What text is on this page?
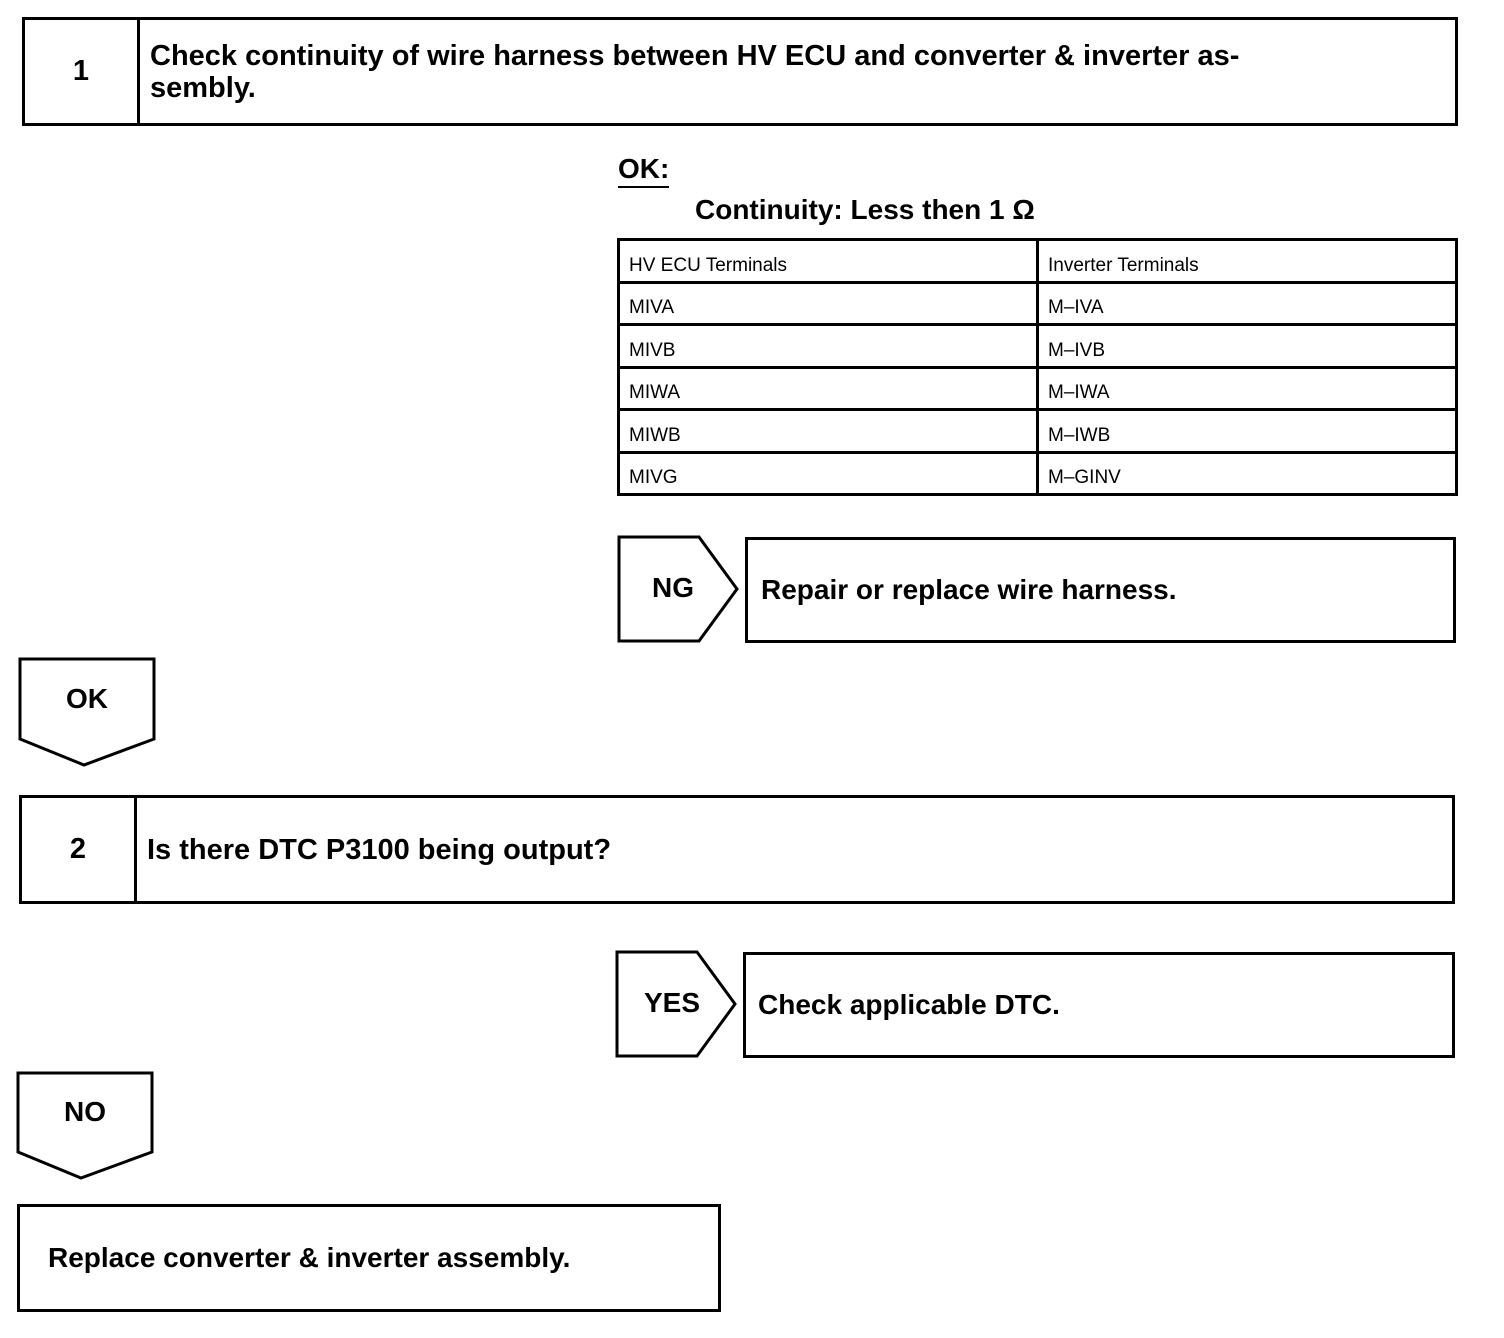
1	Check continuity of wire harness between HV ECU and converter & inverter as-
sembly.
OK:
Continuity: Less then 1 Ω
HV ECU Terminals	Inverter Terminals
MIVA	M–IVA
MIVB	M–IVB
MIWA	M–IWA
MIWB	M–IWB
MIVG	M–GINV
NG	Repair or replace wire harness.
OK
2	Is there DTC P3100 being output?
YES	Check applicable DTC.
NO
Replace converter & inverter assembly.
